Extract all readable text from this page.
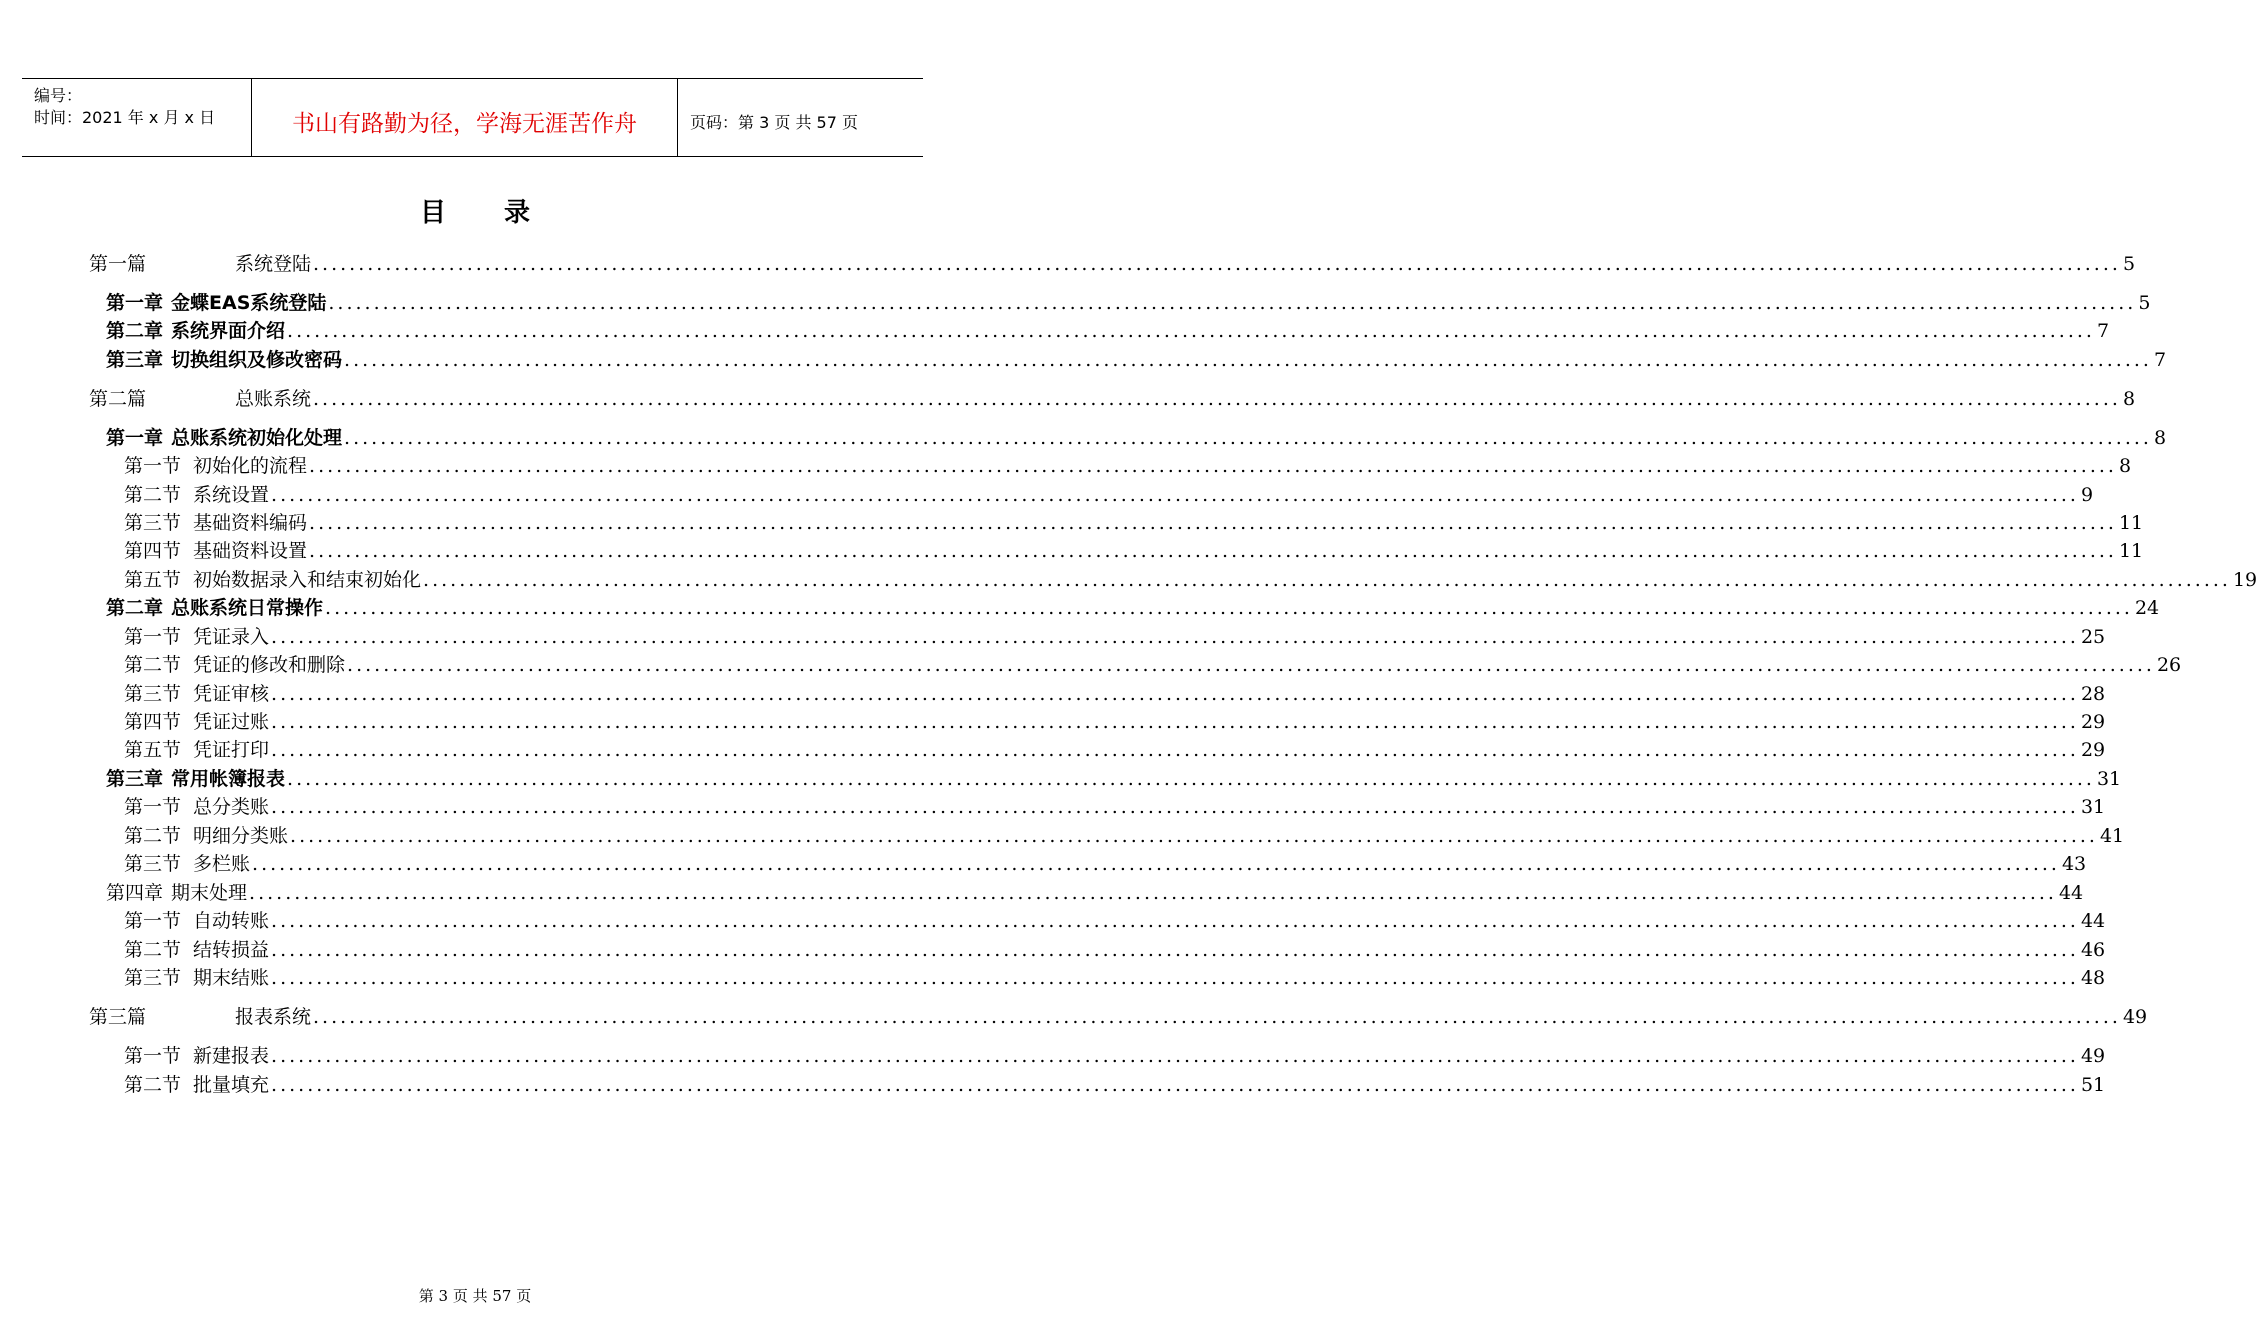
编号：
时间：2021 年 x 月 x 日	书山有路勤为径，学海无涯苦作舟	页码：第 3 页 共 57 页
目录
第一篇	系统登陆 ........................................................................................................................................................................................................ 5
第一章 金蝶EAS系统登陆 ........................................................................................................................................................................................................ 5
第二章 系统界面介绍 ........................................................................................................................................................................................................ 7
第三章 切换组织及修改密码 ........................................................................................................................................................................................................ 7
第二篇	总账系统 ........................................................................................................................................................................................................ 8
第一章 总账系统初始化处理 ........................................................................................................................................................................................................ 8
第一节 初始化的流程 ........................................................................................................................................................................................................ 8
第二节 系统设置 ........................................................................................................................................................................................................ 9
第三节 基础资料编码 ........................................................................................................................................................................................................ 11
第四节 基础资料设置 ........................................................................................................................................................................................................ 11
第五节 初始数据录入和结束初始化 ........................................................................................................................................................................................................ 19
第二章 总账系统日常操作 ........................................................................................................................................................................................................ 24
第一节 凭证录入 ........................................................................................................................................................................................................ 25
第二节 凭证的修改和删除 ........................................................................................................................................................................................................ 26
第三节 凭证审核 ........................................................................................................................................................................................................ 28
第四节 凭证过账 ........................................................................................................................................................................................................ 29
第五节 凭证打印 ........................................................................................................................................................................................................ 29
第三章 常用帐簿报表 ........................................................................................................................................................................................................ 31
第一节 总分类账 ........................................................................................................................................................................................................ 31
第二节 明细分类账 ........................................................................................................................................................................................................ 41
第三节 多栏账 ........................................................................................................................................................................................................ 43
第四章 期末处理 ........................................................................................................................................................................................................ 44
第一节 自动转账 ........................................................................................................................................................................................................ 44
第二节 结转损益 ........................................................................................................................................................................................................ 46
第三节 期末结账 ........................................................................................................................................................................................................ 48
第三篇	报表系统 ........................................................................................................................................................................................................ 49
第一节 新建报表 ........................................................................................................................................................................................................ 49
第二节 批量填充 ........................................................................................................................................................................................................ 51
第 3 页 共 57 页
